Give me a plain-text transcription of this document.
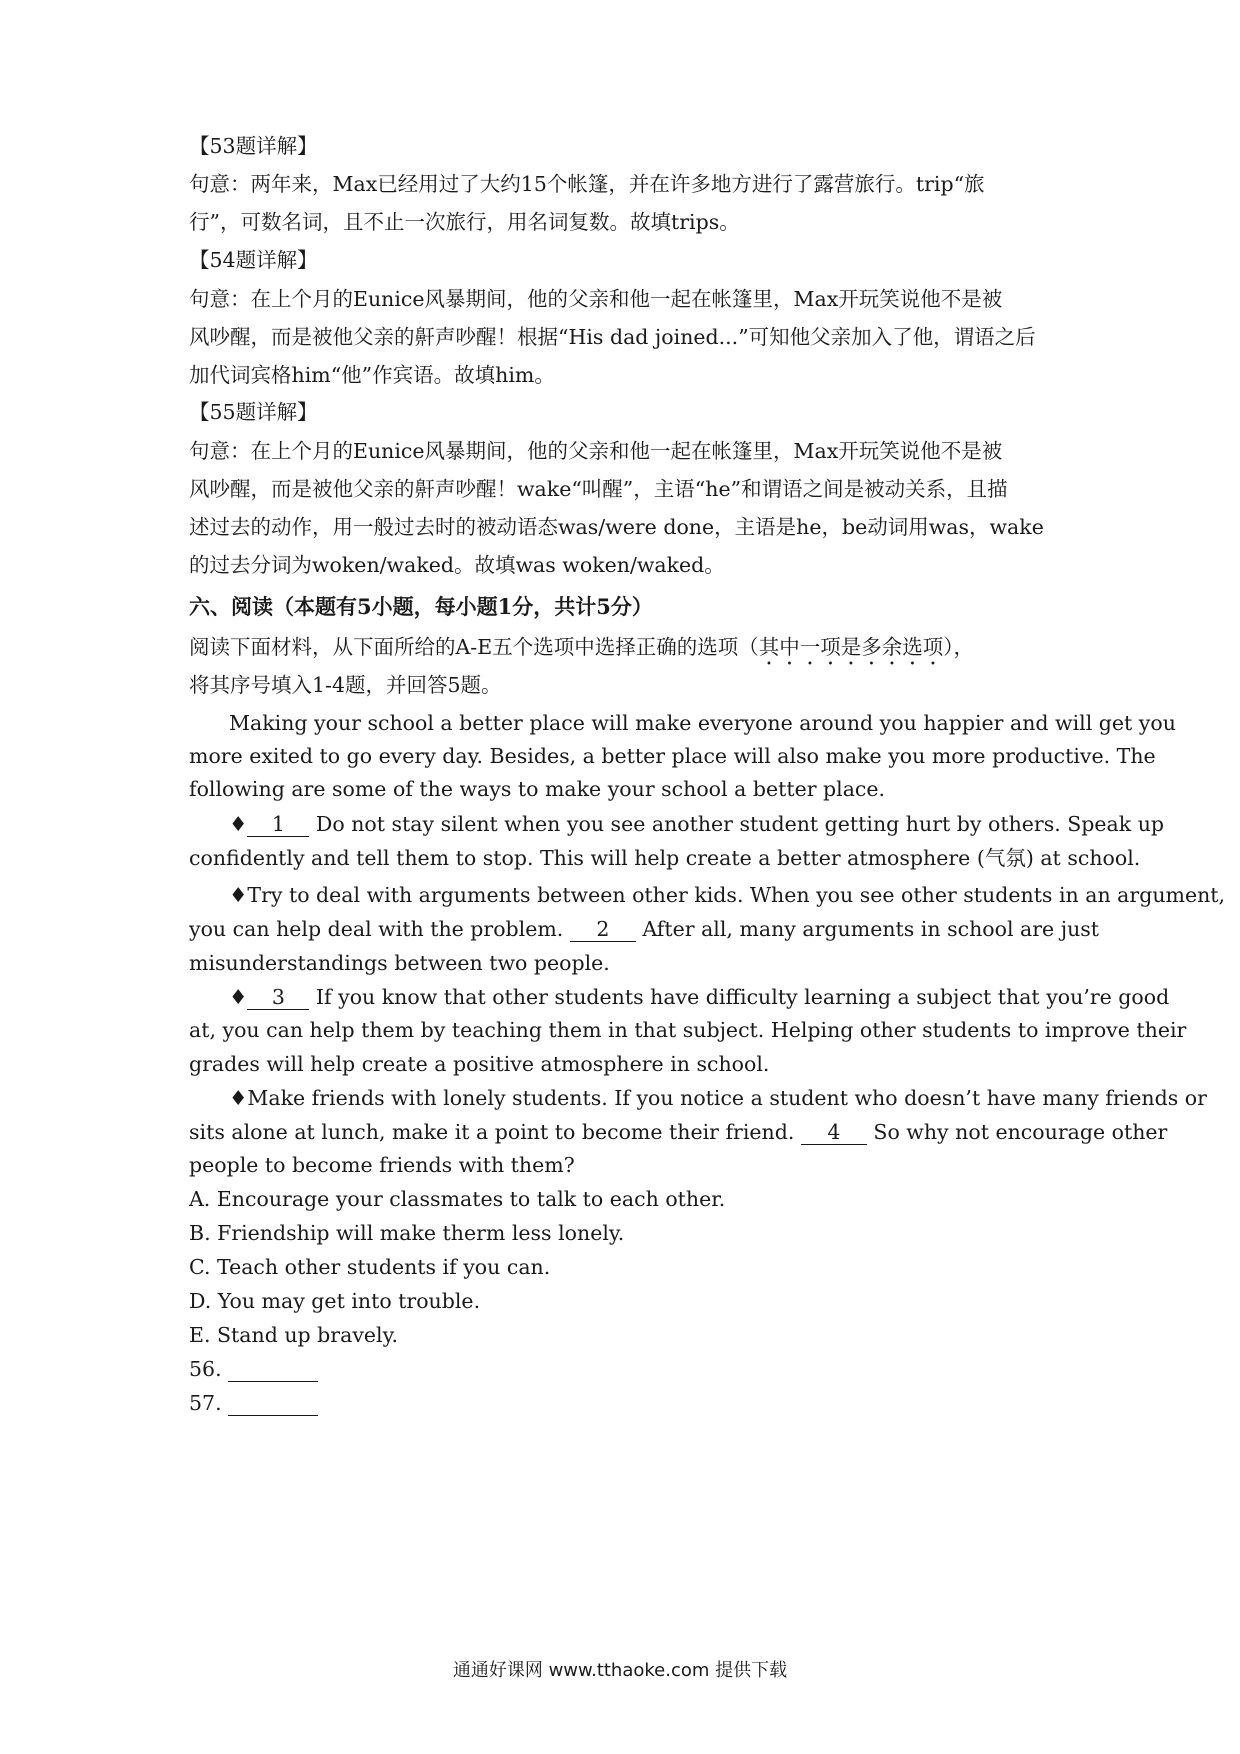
【53题详解】
句意：两年来，Max已经用过了大约15个帐篷，并在许多地方进行了露营旅行。trip“旅
行”，可数名词，且不止一次旅行，用名词复数。故填trips。
【54题详解】
句意：在上个月的Eunice风暴期间，他的父亲和他一起在帐篷里，Max开玩笑说他不是被
风吵醒，而是被他父亲的鼾声吵醒！根据“His dad joined...”可知他父亲加入了他，谓语之后
加代词宾格him“他”作宾语。故填him。
【55题详解】
句意：在上个月的Eunice风暴期间，他的父亲和他一起在帐篷里，Max开玩笑说他不是被
风吵醒，而是被他父亲的鼾声吵醒！wake“叫醒”，主语“he”和谓语之间是被动关系，且描
述过去的动作，用一般过去时的被动语态was/were done，主语是he，be动词用was，wake
的过去分词为woken/waked。故填was woken/waked。
六、阅读（本题有5小题，每小题1分，共计5分）
阅读下面材料，从下面所给的A-E五个选项中选择正确的选项（其中一项是多余选项），
将其序号填入1-4题，并回答5题。
Making your school a better place will make everyone around you happier and will get you
more exited to go every day. Besides, a better place will also make you more productive. The
following are some of the ways to make your school a better place.
♦ 1 Do not stay silent when you see another student getting hurt by others. Speak up
confidently and tell them to stop. This will help create a better atmosphere (气氛) at school.
♦Try to deal with arguments between other kids. When you see other students in an argument,
you can help deal with the problem. 2 After all, many arguments in school are just
misunderstandings between two people.
♦ 3 If you know that other students have difficulty learning a subject that you’re good
at, you can help them by teaching them in that subject. Helping other students to improve their
grades will help create a positive atmosphere in school.
♦Make friends with lonely students. If you notice a student who doesn’t have many friends or
sits alone at lunch, make it a point to become their friend. 4 So why not encourage other
people to become friends with them?
A. Encourage your classmates to talk to each other.
B. Friendship will make therm less lonely.
C. Teach other students if you can.
D. You may get into trouble.
E. Stand up bravely.
56.
57.
通通好课网 www.tthaoke.com 提供下载
